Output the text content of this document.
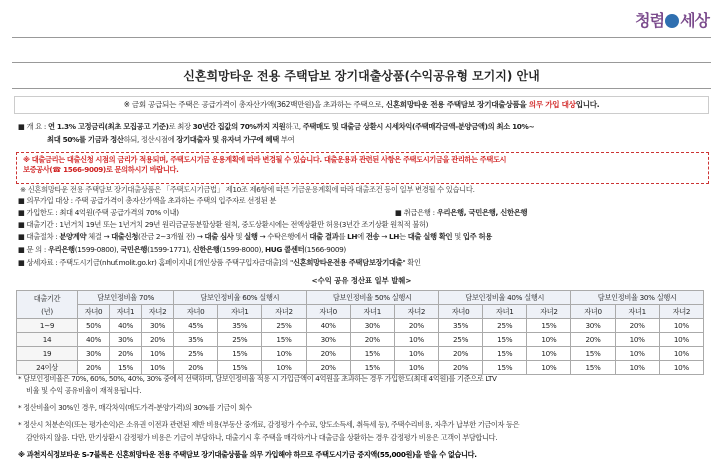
청렴 세상
신혼희망타운 전용 주택담보 장기대출상품(수익공유형 모기지) 안내
※ 금회 공급되는 주택은 공급가격이 총자산가액(362백만원)을 초과하는 주택으로, 신혼희망타운 전용 주택담보 장기대출상품을 의무 가입 대상입니다.
■ 개 요 : 연 1.3% 고정금리(최초 모집공고 기준)로 최장 30년간 집값의 70%까지 지원하고, 주택매도 및 대출금 상환시 시세차익(주택매각금액-분양금액)의 최소 10%~
최대 50%를 기금과 정산하되, 정산시점에 장기대출자 및 유자녀 가구에 혜택 부여
※ 대출금리는 대출신청 시점의 금리가 적용되며, 주택도시기금 운용계획에 따라 변경될 수 있습니다. 대출운용과 관련된 사항은 주택도시기금을 관리하는 주택도시
보증공사(☎ 1566-9009)로 문의하시기 바랍니다.
※ 신혼희망타운 전용 주택담보 장기대출상품은 「주택도시기금법」 제10조 제6항에 따른 기금운용계획에 따라 대출조건 등이 일부 변경될 수 있습니다.
■ 의무가입 대상 : 주택 공급가격이 총자산가액을 초과하는 주택의 입주자로 선정된 분
■ 가입한도 : 최대 4억원(주택 공급가격의 70% 이내)	■ 취급은행 : 우리은행, 국민은행, 신한은행
■ 대출기간 : 1년거치 19년 또는 1년거치 29년 원리금균등분할상환 원칙, 중도상환시에는 전액상환만 허용(3년간 조기상환 원칙적 불허)
■ 대출절차 : 분양계약 체결 → 대출신청(잔금 2~3개월 전) → 대출 심사 및 실행 → 수탁은행에서 대출 결과를 LH에 전송 → LH는 대출 실행 확인 및 입주 허용
■ 문 의 : 우리은행(1599-0800), 국민은행(1599-1771), 신한은행(1599-8000), HUG 콜센터(1566-9009)
■ 상세자료 : 주택도시기금(nhuf.molit.go.kr) 홈페이지내 [개인상품 주택구입자금대출]의 "신혼희망타운전용 주택담보장기대출" 확인
<수익 공유 정산표 일부 발췌>
대출기간
(년)	담보인정비율 70%			담보인정비율 60% 실행시			담보인정비율 50% 실행시			담보인정비율 40% 실행시			담보인정비율 30% 실행시		
	자녀0	자녀1	자녀2	자녀0	자녀1	자녀2	자녀0	자녀1	자녀2	자녀0	자녀1	자녀2	자녀0	자녀1	자녀2
1~9	50%	40%	30%	45%	35%	25%	40%	30%	20%	35%	25%	15%	30%	20%	10%
14	40%	30%	20%	35%	25%	15%	30%	20%	10%	25%	15%	10%	20%	10%	10%
19	30%	20%	10%	25%	15%	10%	20%	15%	10%	20%	15%	10%	15%	10%	10%
24이상	20%	15%	10%	20%	15%	10%	20%	15%	10%	20%	15%	10%	15%	10%	10%
* 담보인정비율은 70%, 60%, 50%, 40%, 30% 중에서 선택하며, 담보인정비율 적용 시 가입금액이 4억원을 초과하는 경우 가입한도(최대 4억원)를 기준으로 LTV
비율 및 수익 공유비율이 재적용됩니다.
* 정산비율이 30%인 경우, 매각차익(매도가격-분양가격)의 30%를 기금이 회수
* 정산시 처분손익(또는 평가손익)은 소유권 이전과 관련된 제반 비용(부동산 중개료, 감정평가 수수료, 양도소득세, 취득세 등), 주택수리비용, 자추가 납부한 기금이자 등은
감안하지 않음. 다만, 만기상환시 감정평가 비용은 기금이 부담하나, 대출기시 후 주택을 매각하거나 대출금을 상환하는 경우 감정평가 비용은 고객이 부담합니다.
※ 과천지식정보타운 S-7블록은 신혼희망타운 전용 주택담보 장기대출상품을 의무 가입해야 하므로 주택도시기금 증지액(55,000원)을 받을 수 없습니다.
